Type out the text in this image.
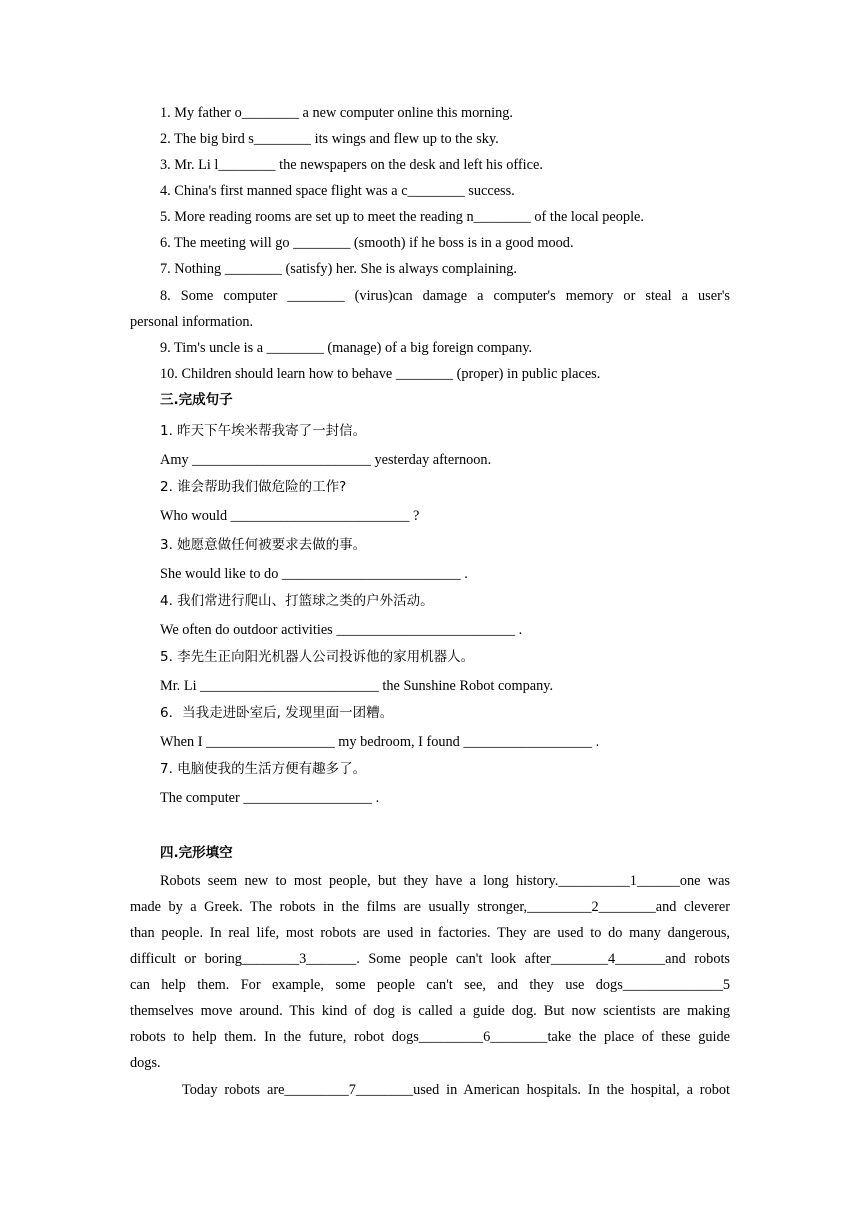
1. My father o________ a new computer online this morning.
2. The big bird s________ its wings and flew up to the sky.
3. Mr. Li l________ the newspapers on the desk and left his office.
4. China's first manned space flight was a c________ success.
5. More reading rooms are set up to meet the reading n________ of the local people.
6. The meeting will go ________ (smooth) if he boss is in a good mood.
7. Nothing ________ (satisfy) her. She is always complaining.
8. Some computer ________ (virus)can damage a computer's memory or steal a user's
personal information.
9. Tim's uncle is a ________ (manage) of a big foreign company.
10. Children should learn how to behave ________ (proper) in public places.
三.完成句子
1. 昨天下午埃米帮我寄了一封信。
Amy _________________________ yesterday afternoon.
2. 谁会帮助我们做危险的工作?
Who would _________________________ ?
3. 她愿意做任何被要求去做的事。
She would like to do _________________________ .
4. 我们常进行爬山、打篮球之类的户外活动。
We often do outdoor activities _________________________ .
5. 李先生正向阳光机器人公司投诉他的家用机器人。
Mr. Li _________________________ the Sunshine Robot company.
6．当我走进卧室后, 发现里面一团糟。
When I __________________ my bedroom, I found __________________ .
7. 电脑使我的生活方便有趣多了。
The computer __________________ .
四.完形填空
Robots seem new to most people, but they have a long history.__________1______one was
made by a Greek. The robots in the films are usually stronger,_________2________and cleverer
than people. In real life, most robots are used in factories. They are used to do many dangerous,
difficult or boring________3_______. Some people can't look after________4_______and robots
can help them. For example, some people can't see, and they use dogs______________5
themselves move around. This kind of dog is called a guide dog. But now scientists are making
robots to help them. In the future, robot dogs_________6________take the place of these guide
dogs.
Today robots are_________7________used in American hospitals. In the hospital, a robot
